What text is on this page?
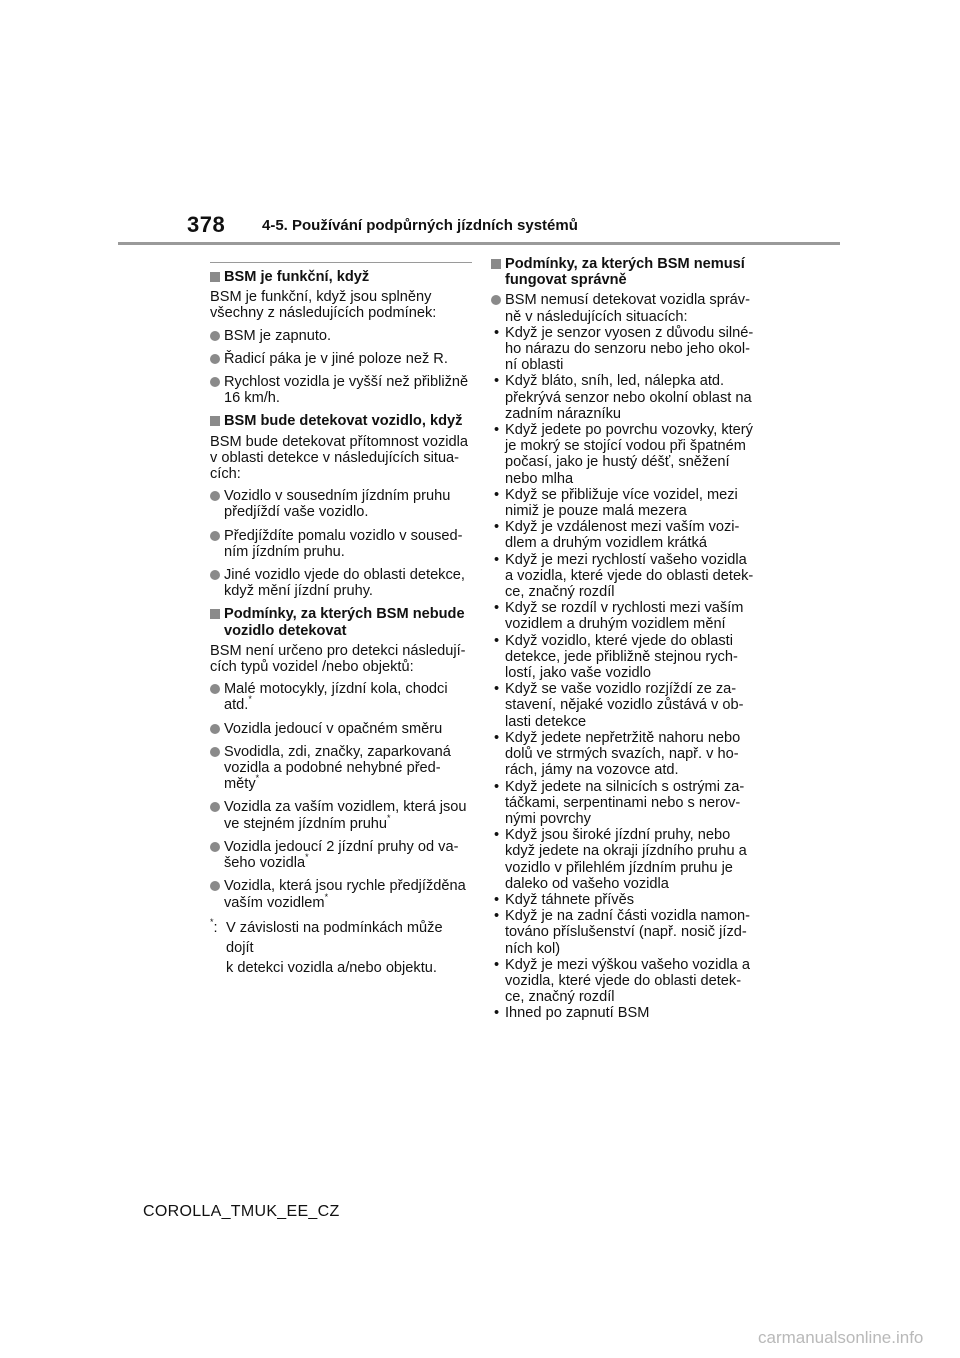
378 4-5. Používání podpůrných jízdních systémů
BSM je funkční, když
BSM je funkční, když jsou splněny všechny z následujících podmínek:
BSM je zapnuto.
Řadicí páka je v jiné poloze než R.
Rychlost vozidla je vyšší než přibližně 16 km/h.
BSM bude detekovat vozidlo, když
BSM bude detekovat přítomnost vozidla v oblasti detekce v následujících situa-cích:
Vozidlo v sousedním jízdním pruhu předjíždí vaše vozidlo.
Předjíždíte pomalu vozidlo v soused-ním jízdním pruhu.
Jiné vozidlo vjede do oblasti detekce, když mění jízdní pruhy.
Podmínky, za kterých BSM nebude vozidlo detekovat
BSM není určeno pro detekci následují-cích typů vozidel /nebo objektů:
Malé motocykly, jízdní kola, chodci atd.*
Vozidla jedoucí v opačném směru
Svodidla, zdi, značky, zaparkovaná vozidla a podobné nehybné před-měty*
Vozidla za vaším vozidlem, která jsou ve stejném jízdním pruhu*
Vozidla jedoucí 2 jízdní pruhy od va-šeho vozidla*
Vozidla, která jsou rychle předjížděna vaším vozidlem*
*: V závislosti na podmínkách může dojít
k detekci vozidla a/nebo objektu.
Podmínky, za kterých BSM nemusí fungovat správně
BSM nemusí detekovat vozidla správ-ně v následujících situacích:
• Když je senzor vyosen z důvodu silné-ho nárazu do senzoru nebo jeho okol-ní oblasti
• Když bláto, sníh, led, nálepka atd. překrývá senzor nebo okolní oblast na zadním nárazníku
• Když jedete po povrchu vozovky, který je mokrý se stojící vodou při špatném počasí, jako je hustý déšť, sněžení nebo mlha
• Když se přibližuje více vozidel, mezi nimiž je pouze malá mezera
• Když je vzdálenost mezi vaším vozi-dlem a druhým vozidlem krátká
• Když je mezi rychlostí vašeho vozidla a vozidla, které vjede do oblasti detek-ce, značný rozdíl
• Když se rozdíl v rychlosti mezi vaším vozidlem a druhým vozidlem mění
• Když vozidlo, které vjede do oblasti detekce, jede přibližně stejnou rych-lostí, jako vaše vozidlo
• Když se vaše vozidlo rozjíždí ze za-stavení, nějaké vozidlo zůstává v ob-lasti detekce
• Když jedete nepřetržitě nahoru nebo dolů ve strmých svazích, např. v ho-rách, jámy na vozovce atd.
• Když jedete na silnicích s ostrými za-táčkami, serpentinami nebo s nerov-nými povrchy
• Když jsou široké jízdní pruhy, nebo když jedete na okraji jízdního pruhu a vozidlo v přilehlém jízdním pruhu je daleko od vašeho vozidla
• Když táhnete přívěs
• Když je na zadní části vozidla namon-továno příslušenství (např. nosič jízd-ních kol)
• Když je mezi výškou vašeho vozidla a vozidla, které vjede do oblasti detek-ce, značný rozdíl
• Ihned po zapnutí BSM
COROLLA_TMUK_EE_CZ
carmanualsonline.info
